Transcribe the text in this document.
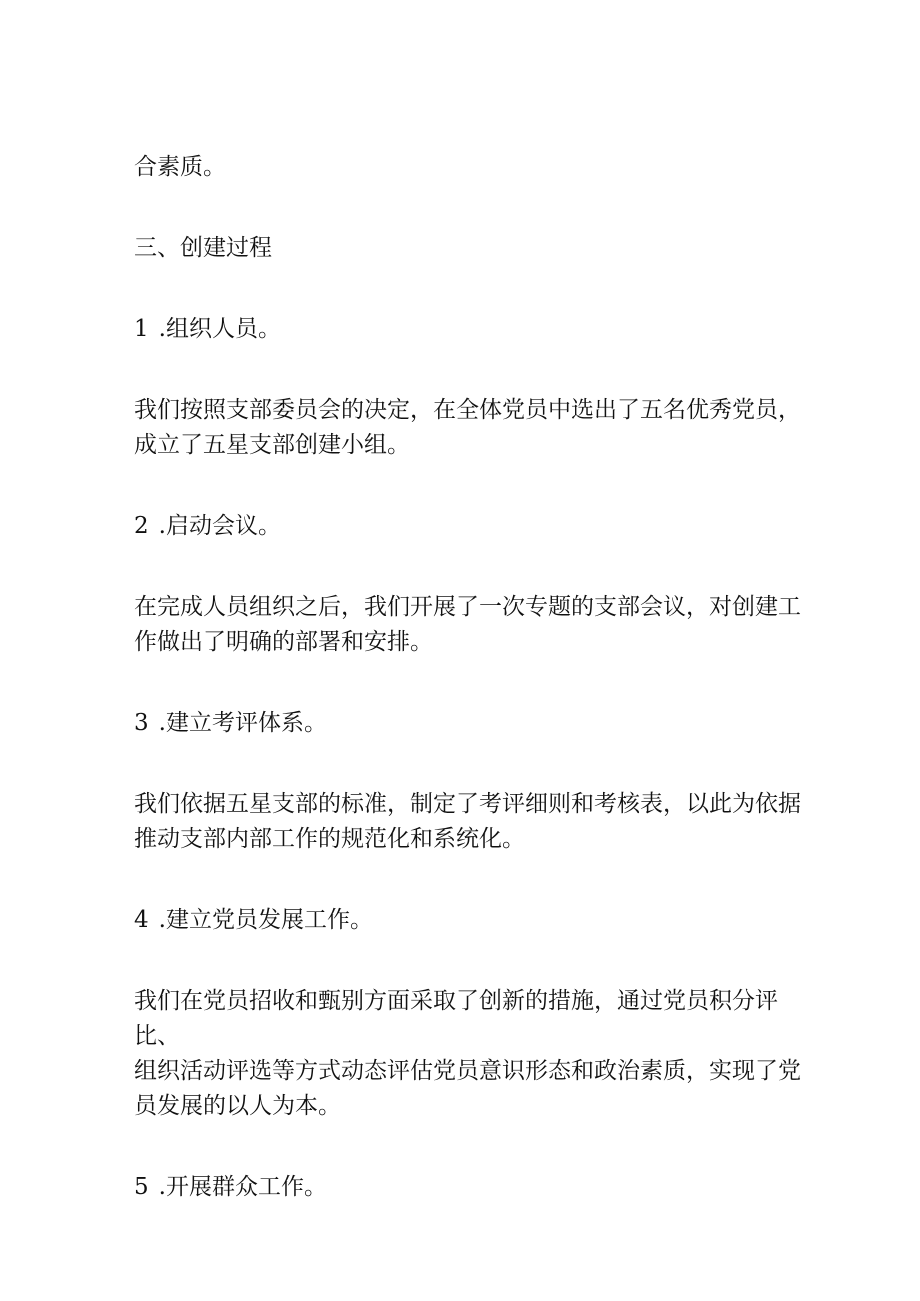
合素质。

三、创建过程

1 .组织人员。

我们按照支部委员会的决定，在全体党员中选出了五名优秀党员，
成立了五星支部创建小组。

2 .启动会议。

在完成人员组织之后，我们开展了一次专题的支部会议，对创建工
作做出了明确的部署和安排。

3 .建立考评体系。

我们依据五星支部的标准，制定了考评细则和考核表，以此为依据
推动支部内部工作的规范化和系统化。

4 .建立党员发展工作。

我们在党员招收和甄别方面采取了创新的措施，通过党员积分评比、
组织活动评选等方式动态评估党员意识形态和政治素质，实现了党
员发展的以人为本。

5 .开展群众工作。
